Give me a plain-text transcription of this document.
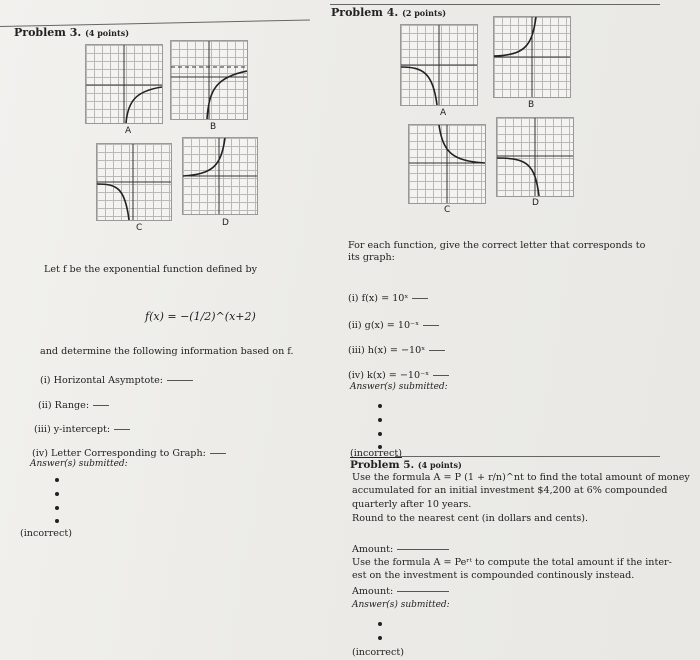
Problem 3. (4 points)
A	B
C	D
Let f be the exponential function defined by
f(x) = −(1/2)^(x+2)
and determine the following information based on f.
(i) Horizontal Asymptote:
(ii) Range:
(iii) y-intercept:
(iv) Letter Corresponding to Graph:
Answer(s) submitted:
(incorrect)
Problem 4. (2 points)
A
B
C
D
For each function, give the correct letter that corresponds to its graph:
(i) f(x) = 10ˣ
(ii) g(x) = 10⁻ˣ
(iii) h(x) = −10ˣ
(iv) k(x) = −10⁻ˣ
Answer(s) submitted:
(incorrect)
Problem 5. (4 points)
Use the formula A = P (1 + r/n)^nt to find the total amount of money
accumulated for an initial investment $4,200 at 6% compounded
quarterly after 10 years.
Round to the nearest cent (in dollars and cents).
Amount:
Use the formula A = Peʳᵗ to compute the total amount if the inter-
est on the investment is compounded continously instead.
Amount:
Answer(s) submitted:
(incorrect)
